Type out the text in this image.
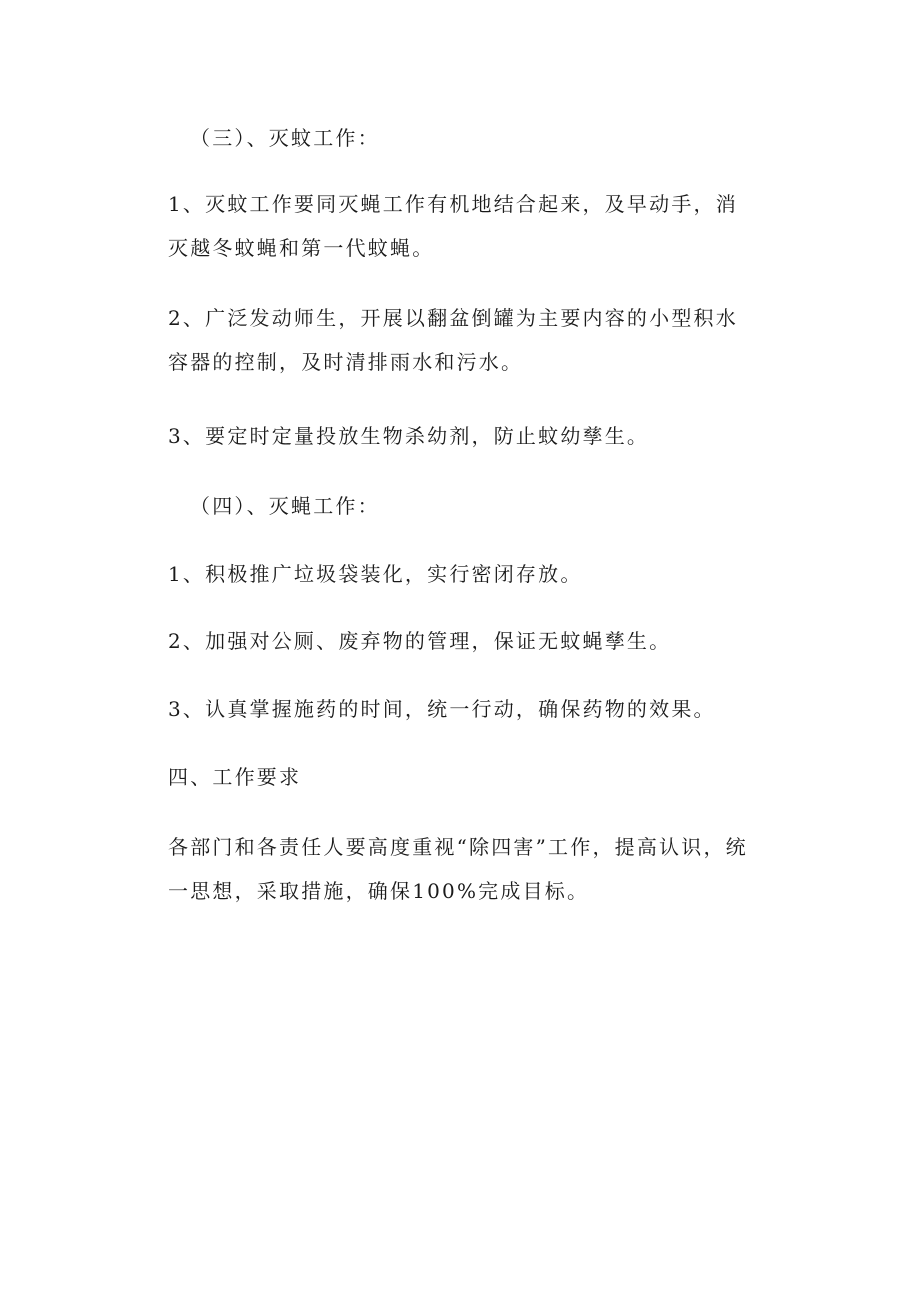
（三）、灭蚊工作：

1、灭蚊工作要同灭蝇工作有机地结合起来，及早动手，消灭越冬蚊蝇和第一代蚊蝇。

2、广泛发动师生，开展以翻盆倒罐为主要内容的小型积水容器的控制，及时清排雨水和污水。

3、要定时定量投放生物杀幼剂，防止蚊幼孳生。

（四）、灭蝇工作：

1、积极推广垃圾袋装化，实行密闭存放。

2、加强对公厕、废弃物的管理，保证无蚊蝇孳生。

3、认真掌握施药的时间，统一行动，确保药物的效果。

四、工作要求

各部门和各责任人要高度重视“除四害”工作，提高认识，统一思想，采取措施，确保100%完成目标。
